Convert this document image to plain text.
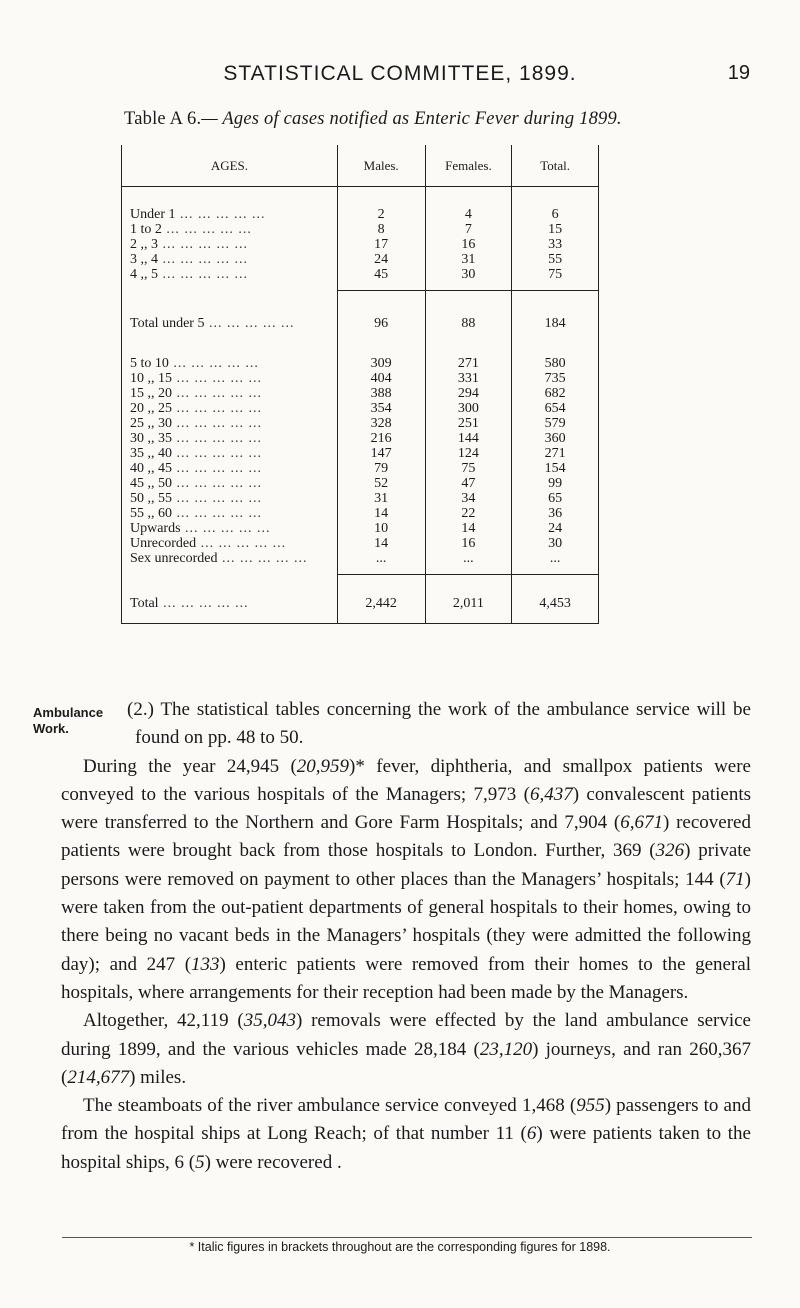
STATISTICAL COMMITTEE, 1899.	19
Table A 6.— Ages of cases notified as Enteric Fever during 1899.
AGES.	Males.	Females.	Total.

Under 1 ... ... ... ... ...	2	4	6
1 to 2 ... ... ... ... ...	8	7	15
2 ,, 3 ... ... ... ... ...	17	16	33
3 ,, 4 ... ... ... ... ...	24	31	55
4 ,, 5 ... ... ... ... ...	45	30	75

Total under 5 ... ... ... ... ...	96	88	184

5 to 10 ... ... ... ... ...	309	271	580
10 ,, 15 ... ... ... ... ...	404	331	735
15 ,, 20 ... ... ... ... ...	388	294	682
20 ,, 25 ... ... ... ... ...	354	300	654
25 ,, 30 ... ... ... ... ...	328	251	579
30 ,, 35 ... ... ... ... ...	216	144	360
35 ,, 40 ... ... ... ... ...	147	124	271
40 ,, 45 ... ... ... ... ...	79	75	154
45 ,, 50 ... ... ... ... ...	52	47	99
50 ,, 55 ... ... ... ... ...	31	34	65
55 ,, 60 ... ... ... ... ...	14	22	36
Upwards ... ... ... ... ...	10	14	24
Unrecorded ... ... ... ... ...	14	16	30
Sex unrecorded ... ... ... ... ...	...	...	...

Total ... ... ... ... ...	2,442	2,011	4,453

Ambulance
Work.

(2.) The statistical tables concerning the work of the ambulance service will be found on pp. 48 to 50.

During the year 24,945 (20,959)* fever, diphtheria, and smallpox patients were conveyed to the various hospitals of the Managers; 7,973 (6,437) convalescent patients were transferred to the Northern and Gore Farm Hospitals; and 7,904 (6,671) recovered patients were brought back from those hospitals to London. Further, 369 (326) private persons were removed on payment to other places than the Managers’ hospitals; 144 (71) were taken from the out-patient departments of general hospitals to their homes, owing to there being no vacant beds in the Managers’ hospitals (they were admitted the following day); and 247 (133) enteric patients were removed from their homes to the general hospitals, where arrangements for their reception had been made by the Managers.

Altogether, 42,119 (35,043) removals were effected by the land ambulance service during 1899, and the various vehicles made 28,184 (23,120) journeys, and ran 260,367 (214,677) miles.

The steamboats of the river ambulance service conveyed 1,468 (955) passengers to and from the hospital ships at Long Reach; of that number 11 (6) were patients taken to the hospital ships, 6 (5) were recovered .

* Italic figures in brackets throughout are the corresponding figures for 1898.
